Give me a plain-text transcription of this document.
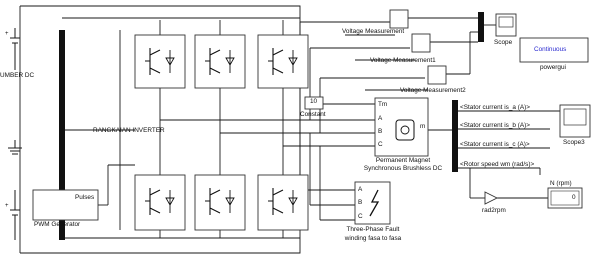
+
+
UMBER DC
RANGKAIAN INVERTER
Pulses
PWM Generator
Voltage Measurement
Voltage Measurement1
Voltage Measurement2
10
Constant
Tm
A
B
C
m
Permanent Magnet
Synchronous Brushless DC
A
B
C
Three-Phase Fault
winding fasa to fasa
<Stator current is_a (A)>
<Stator current is_b (A)>
<Stator current is_c (A)>
<Rotor speed wm (rad/s)>
Scope
Scope3
Continuous
powergui
rad2rpm
N (rpm)
0
